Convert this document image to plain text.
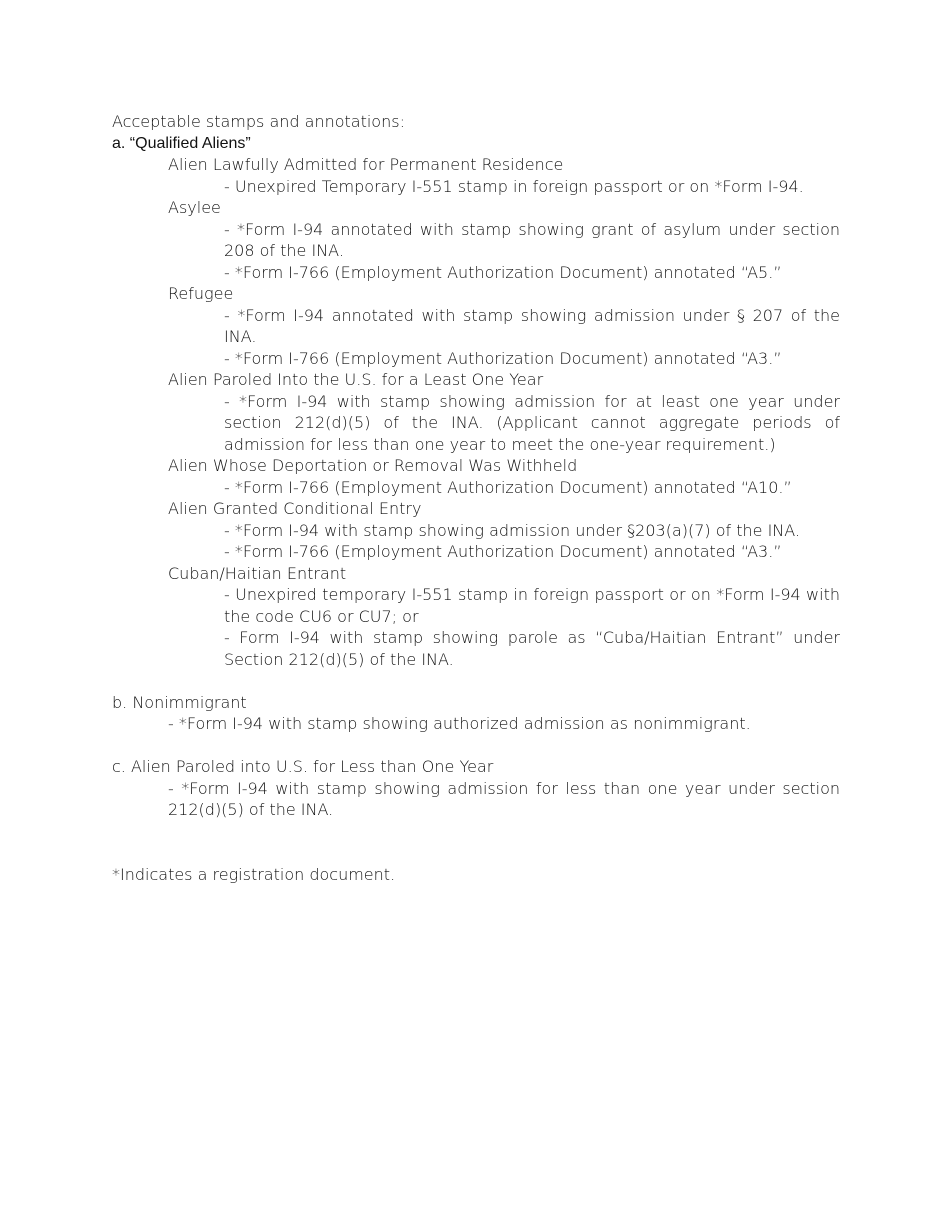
Acceptable stamps and annotations:
a. “Qualified Aliens”
Alien Lawfully Admitted for Permanent Residence
- Unexpired Temporary I-551 stamp in foreign passport or on *Form I-94.
Asylee
- *Form I-94 annotated with stamp showing grant of asylum under section 208 of the INA.
- *Form I-766 (Employment Authorization Document) annotated “A5.”
Refugee
- *Form I-94 annotated with stamp showing admission under § 207 of the INA.
- *Form I-766 (Employment Authorization Document) annotated “A3.”
Alien Paroled Into the U.S. for a Least One Year
- *Form I-94 with stamp showing admission for at least one year under section 212(d)(5) of the INA. (Applicant cannot aggregate periods of admission for less than one year to meet the one-year requirement.)
Alien Whose Deportation or Removal Was Withheld
- *Form I-766 (Employment Authorization Document) annotated “A10.”
Alien Granted Conditional Entry
- *Form I-94 with stamp showing admission under §203(a)(7) of the INA.
- *Form I-766 (Employment Authorization Document) annotated “A3.”
Cuban/Haitian Entrant
- Unexpired temporary I-551 stamp in foreign passport or on *Form I-94 with the code CU6 or CU7; or
- Form I-94 with stamp showing parole as “Cuba/Haitian Entrant” under Section 212(d)(5) of the INA.
b. Nonimmigrant
- *Form I-94 with stamp showing authorized admission as nonimmigrant.
c. Alien Paroled into U.S. for Less than One Year
- *Form I-94 with stamp showing admission for less than one year under section 212(d)(5) of the INA.
*Indicates a registration document.
